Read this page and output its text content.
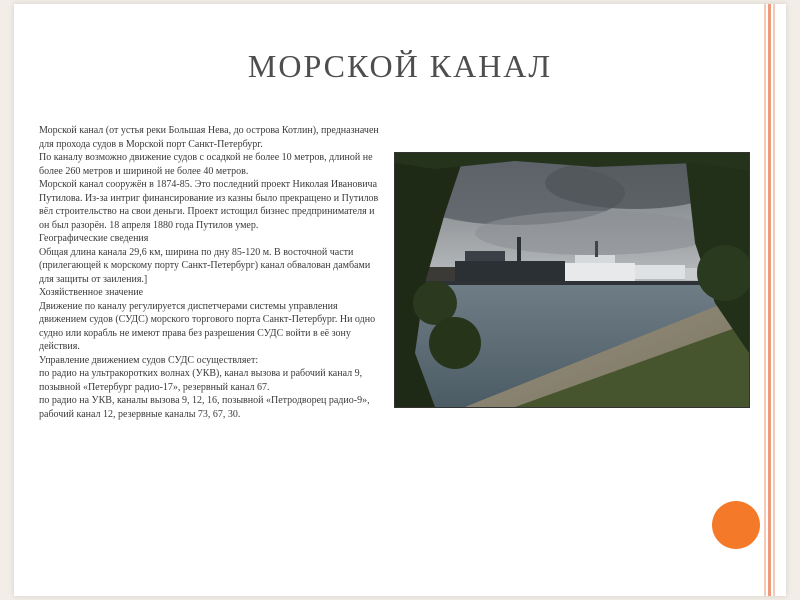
МОРСКОЙ КАНАЛ

Морской канал (от устья реки Большая Нева, до острова Котлин), предназначен для прохода судов в Морской порт Санкт-Петербург.

По каналу возможно движение судов с осадкой не более 10 метров, длиной не более 260 метров и шириной не более 40 метров.

Морской канал сооружён в 1874-85. Это последний проект Николая Ивановича Путилова. Из-за интриг финансирование из казны было прекращено и Путилов вёл строительство на свои деньги. Проект истощил бизнес предпринимателя и он был разорён. 18 апреля 1880 года Путилов умер.

Географические сведения

Общая длина канала 29,6 км, ширина по дну 85-120 м. В восточной части (прилегающей к морскому порту Санкт-Петербург) канал обвалован дамбами для защиты от заиления.]

Хозяйственное значение

Движение по каналу регулируется диспетчерами системы управления движением судов (СУДС) морского торгового порта Санкт-Петербург. Ни одно судно или корабль не имеют права без разрешения СУДС войти в её зону действия.

Управление движением судов СУДС осуществляет:

по радио на ультракоротких волнах (УКВ), канал вызова и рабочий канал 9, позывной «Петербург радио-17», резервный канал 67.

по радио на УКВ, каналы вызова 9, 12, 16, позывной «Петродворец радио-9», рабочий канал 12, резервные каналы 73, 67, 30.
